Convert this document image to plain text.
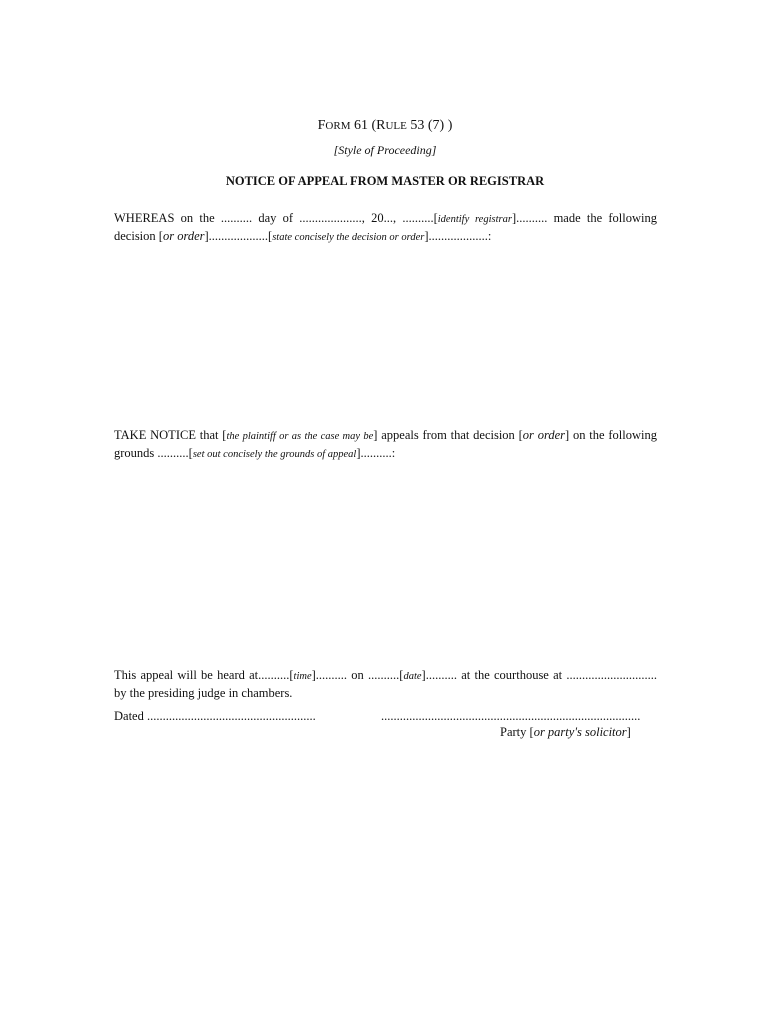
FORM 61 (RULE 53 (7) )
[Style of Proceeding]
NOTICE OF APPEAL FROM MASTER OR REGISTRAR
WHEREAS on the .......... day of ...................., 20..., ..........[identify registrar].......... made the following decision [or order]...................[state concisely the decision or order]...................:
TAKE NOTICE that [the plaintiff or as the case may be] appeals from that decision [or order] on the following grounds ..........[set out concisely the grounds of appeal]..........:
This appeal will be heard at..........[time].......... on ..........[date].......... at the courthouse at ............................. by the presiding judge in chambers.
Dated ......................................................	...................................................................................
Party [or party's solicitor]
